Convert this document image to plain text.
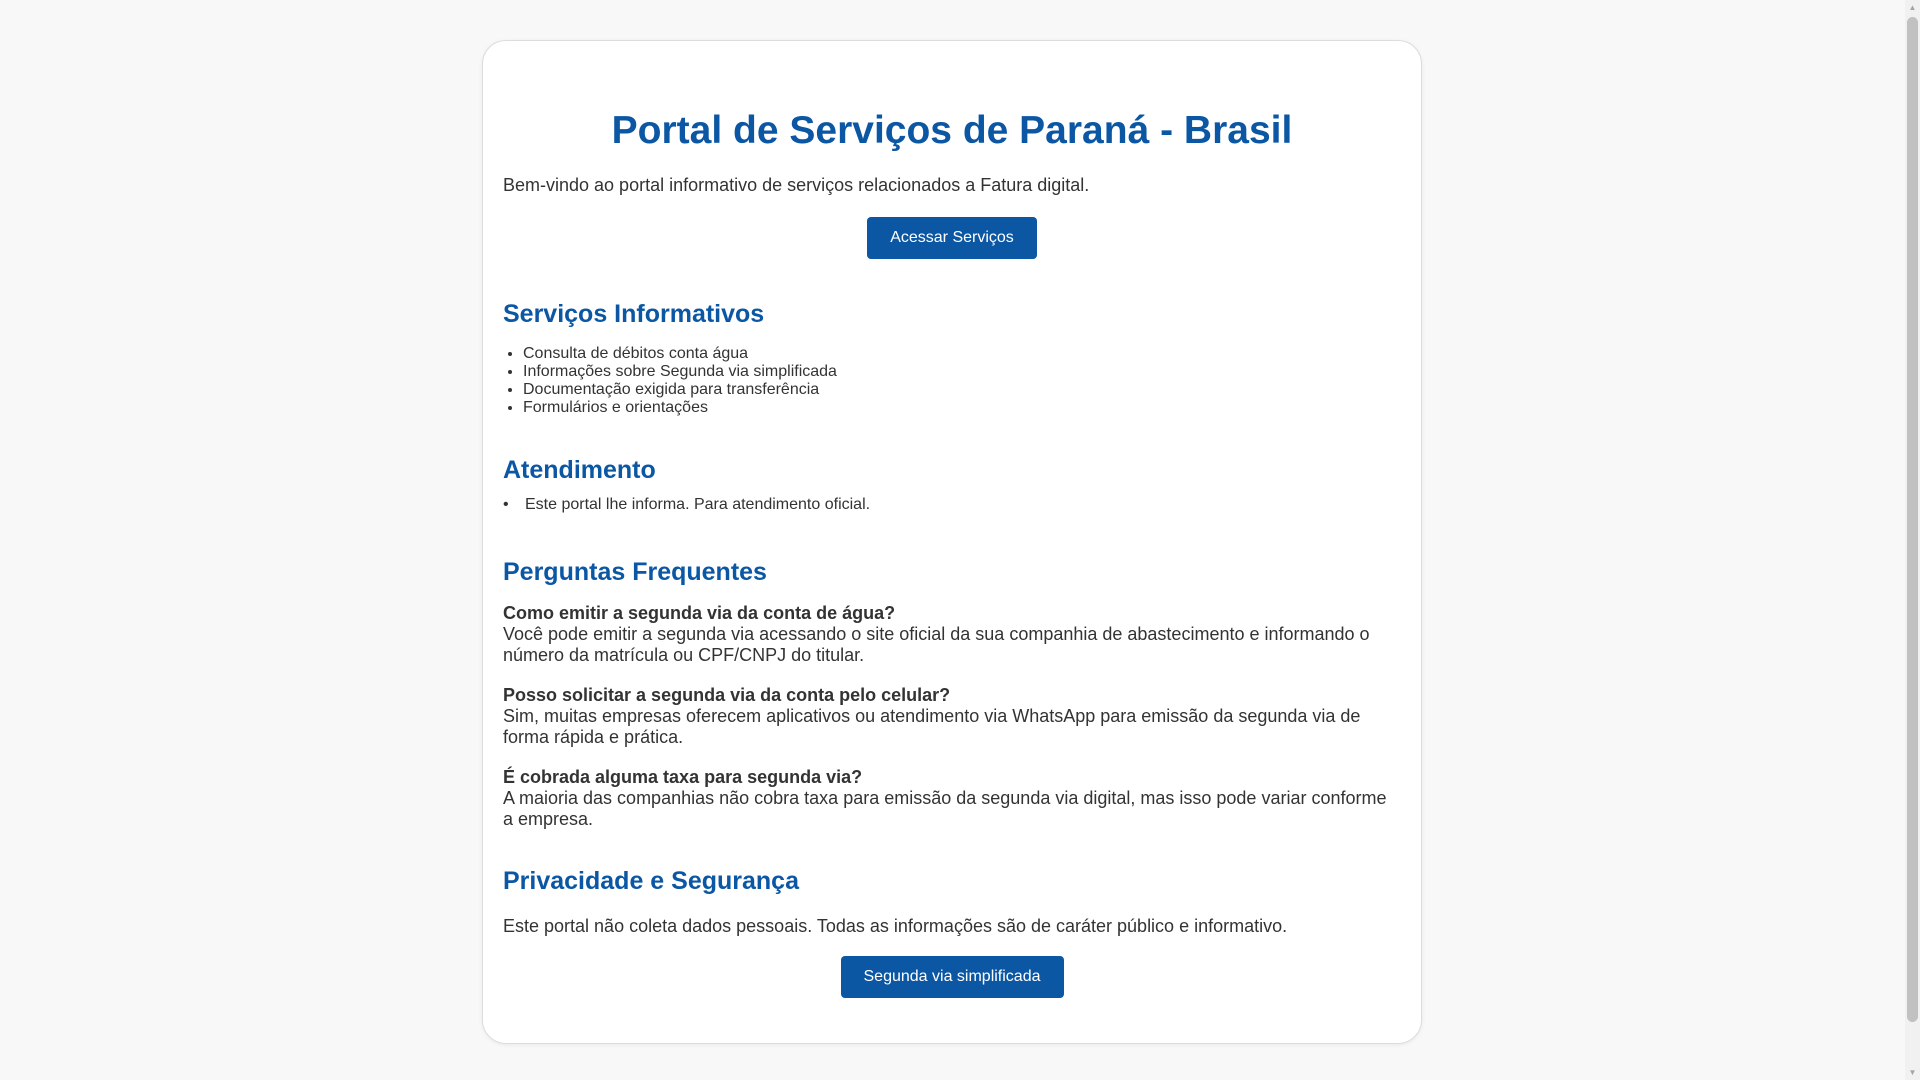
Portal de Serviços de Paraná - Brasil

Bem-vindo ao portal informativo de serviços relacionados a Fatura digital.

Acessar Serviços
Serviços Informativos
• Consulta de débitos conta água
• Informações sobre Segunda via simplificada
• Documentação exigida para transferência
• Formulários e orientações
Atendimento
•	Este portal lhe informa. Para atendimento oficial.
Perguntas Frequentes
Como emitir a segunda via da conta de água?
Você pode emitir a segunda via acessando o site oficial da sua companhia de abastecimento e informando o número da matrícula ou CPF/CNPJ do titular.
Posso solicitar a segunda via da conta pelo celular?
Sim, muitas empresas oferecem aplicativos ou atendimento via WhatsApp para emissão da segunda via de forma rápida e prática.
É cobrada alguma taxa para segunda via?
A maioria das companhias não cobra taxa para emissão da segunda via digital, mas isso pode variar conforme a empresa.
Privacidade e Segurança

Este portal não coleta dados pessoais. Todas as informações são de caráter público e informativo.

Segunda via simplificada
▲
▼
